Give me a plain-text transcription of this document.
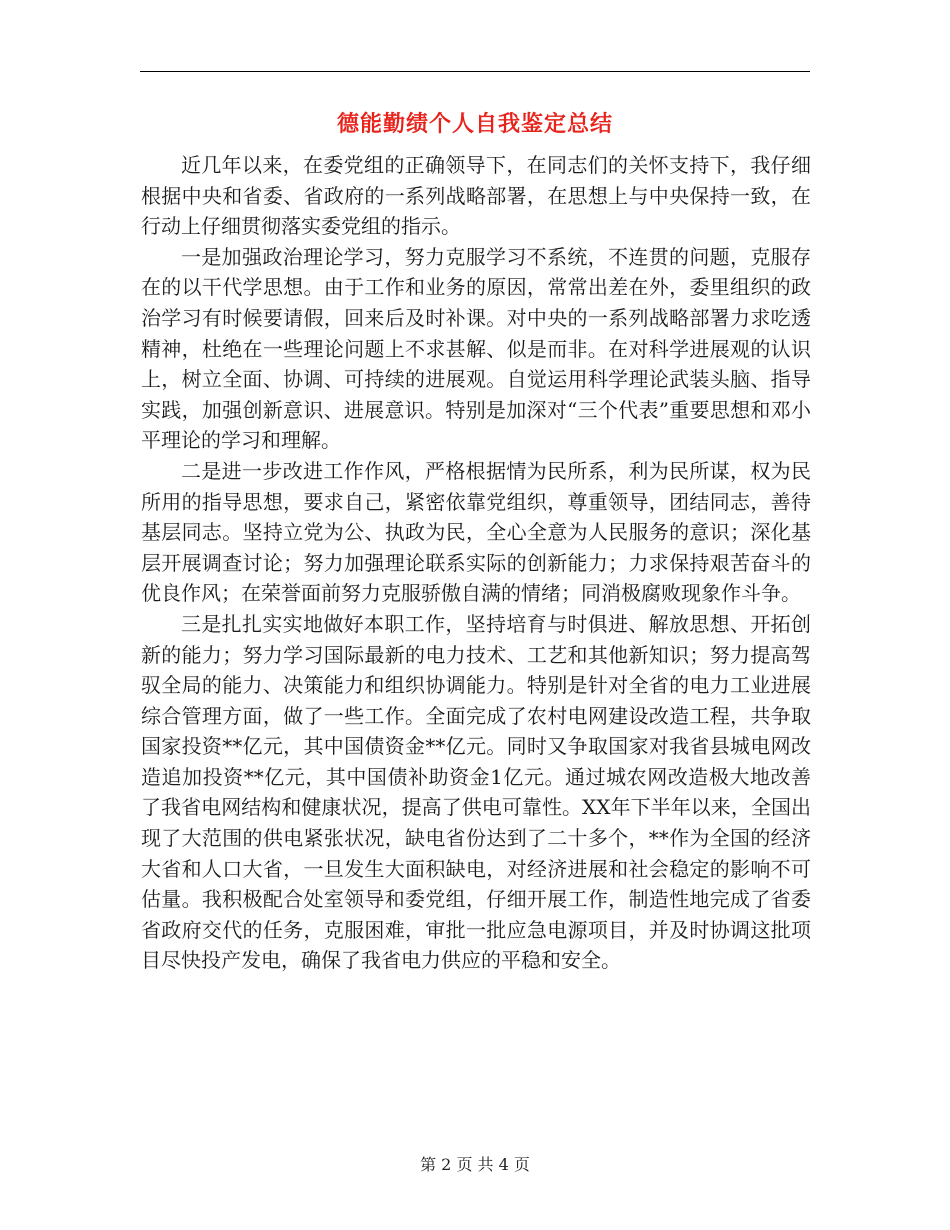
德能勤绩个人自我鉴定总结

近几年以来，在委党组的正确领导下，在同志们的关怀支持下，我仔细根据中央和省委、省政府的一系列战略部署，在思想上与中央保持一致，在行动上仔细贯彻落实委党组的指示。

一是加强政治理论学习，努力克服学习不系统，不连贯的问题，克服存在的以干代学思想。由于工作和业务的原因，常常出差在外，委里组织的政治学习有时候要请假，回来后及时补课。对中央的一系列战略部署力求吃透精神，杜绝在一些理论问题上不求甚解、似是而非。在对科学进展观的认识上，树立全面、协调、可持续的进展观。自觉运用科学理论武装头脑、指导实践，加强创新意识、进展意识。特别是加深对“三个代表”重要思想和邓小平理论的学习和理解。

二是进一步改进工作作风，严格根据情为民所系，利为民所谋，权为民所用的指导思想，要求自己，紧密依靠党组织，尊重领导，团结同志，善待基层同志。坚持立党为公、执政为民，全心全意为人民服务的意识；深化基层开展调查讨论；努力加强理论联系实际的创新能力；力求保持艰苦奋斗的优良作风；在荣誉面前努力克服骄傲自满的情绪；同消极腐败现象作斗争。

三是扎扎实实地做好本职工作，坚持培育与时俱进、解放思想、开拓创新的能力；努力学习国际最新的电力技术、工艺和其他新知识；努力提高驾驭全局的能力、决策能力和组织协调能力。特别是针对全省的电力工业进展综合管理方面，做了一些工作。全面完成了农村电网建设改造工程，共争取国家投资**亿元，其中国债资金**亿元。同时又争取国家对我省县城电网改造追加投资**亿元，其中国债补助资金1亿元。通过城农网改造极大地改善了我省电网结构和健康状况，提高了供电可靠性。XX年下半年以来，全国出现了大范围的供电紧张状况，缺电省份达到了二十多个，**作为全国的经济大省和人口大省，一旦发生大面积缺电，对经济进展和社会稳定的影响不可估量。我积极配合处室领导和委党组，仔细开展工作，制造性地完成了省委省政府交代的任务，克服困难，审批一批应急电源项目，并及时协调这批项目尽快投产发电，确保了我省电力供应的平稳和安全。

第 2 页 共 4 页
